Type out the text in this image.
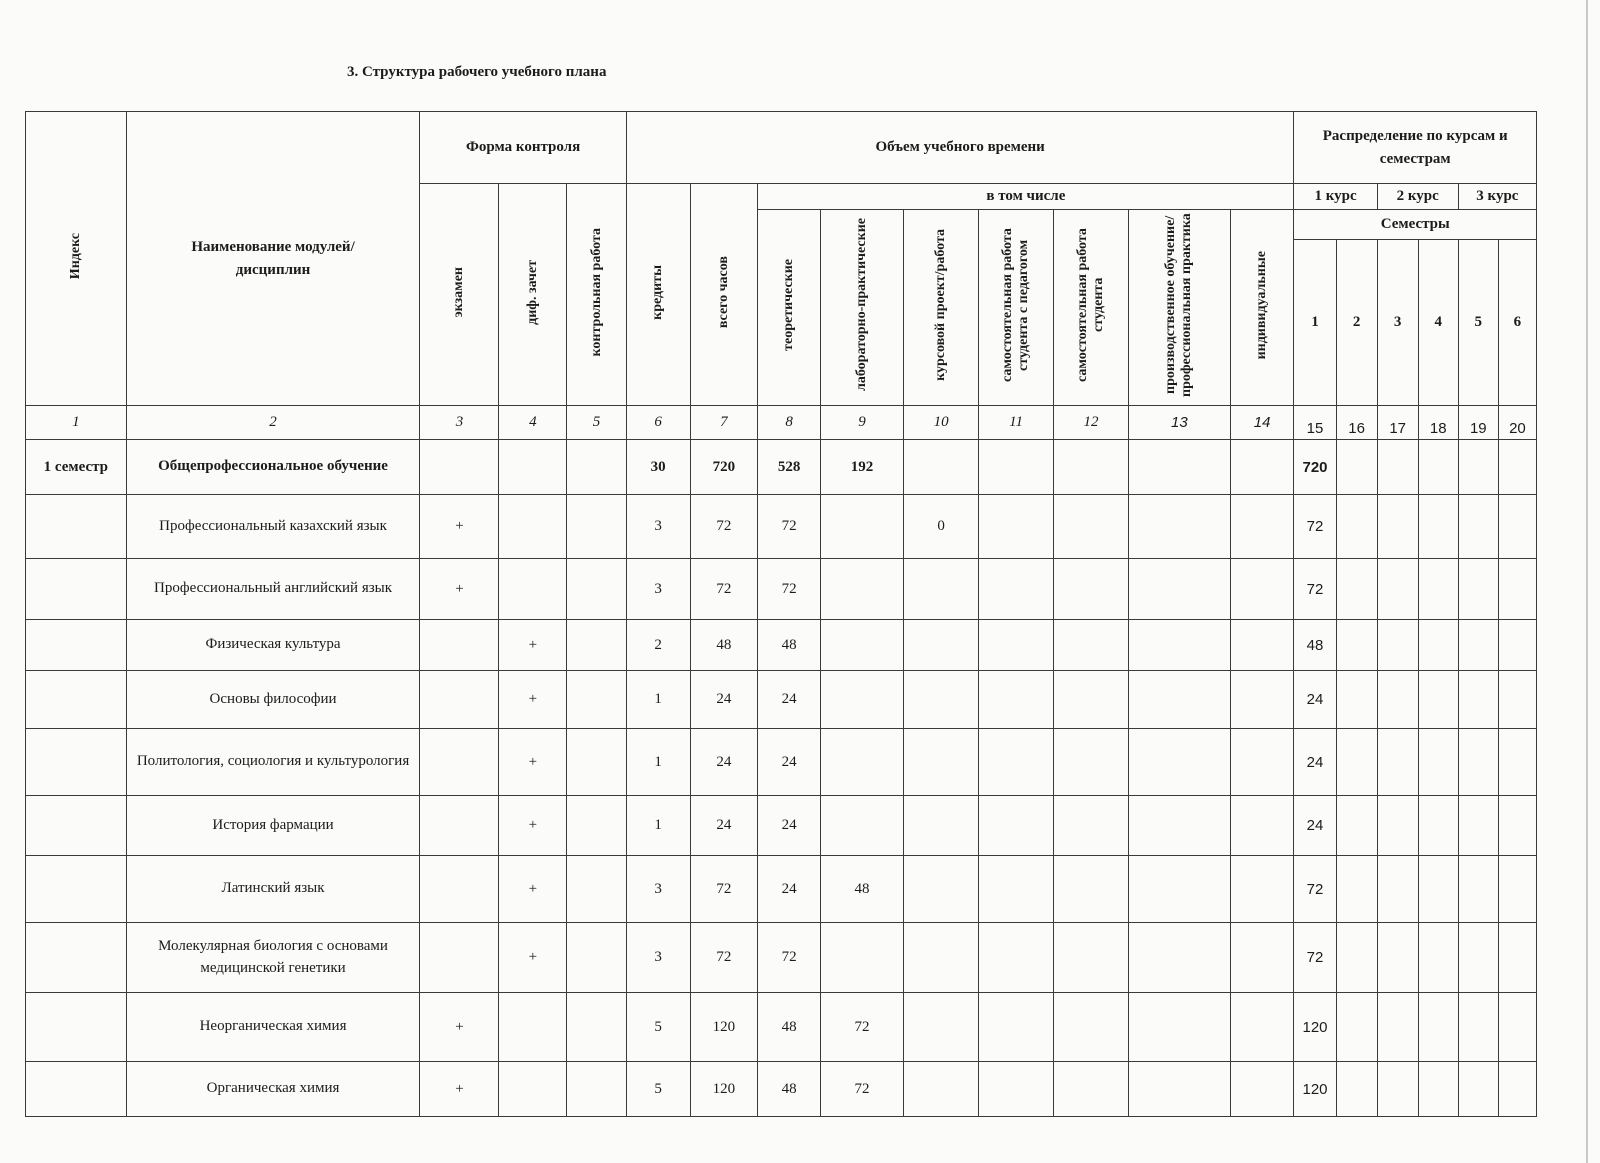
3. Структура рабочего учебного плана
Индекс	Наименование модулей/ дисциплин	Форма контроля			Объем учебного времени									Распределение по курсам и семестрам					
		экзамен	диф. зачет	контрольная работа	кредиты	всего часов	в том числе							1 курс		2 курс		3 курс	
							теоретические	лабораторно-практические	курсовой проект/работа	самостоятельная работа студента с педагогом	самостоятельная работа студента	производственное обучение/ профессиональная практика	индивидуальные	Семестры					
														1	2	3	4	5	6
1	2	3	4	5	6	7	8	9	10	11	12	13	14	15	16	17	18	19	20
1 семестр	Общепрофессиональное обучение				30	720	528	192						720					
	Профессиональный казахский язык	+			3	72	72		0					72					
	Профессиональный английский язык	+			3	72	72							72					
	Физическая культура		+		2	48	48							48					
	Основы философии		+		1	24	24							24					
	Политология, социология и культурология		+		1	24	24							24					
	История фармации		+		1	24	24							24					
	Латинский язык		+		3	72	24	48						72					
	Молекулярная биология с основами медицинской генетики		+		3	72	72							72					
	Неорганическая химия	+			5	120	48	72						120					
	Органическая химия	+			5	120	48	72						120					
